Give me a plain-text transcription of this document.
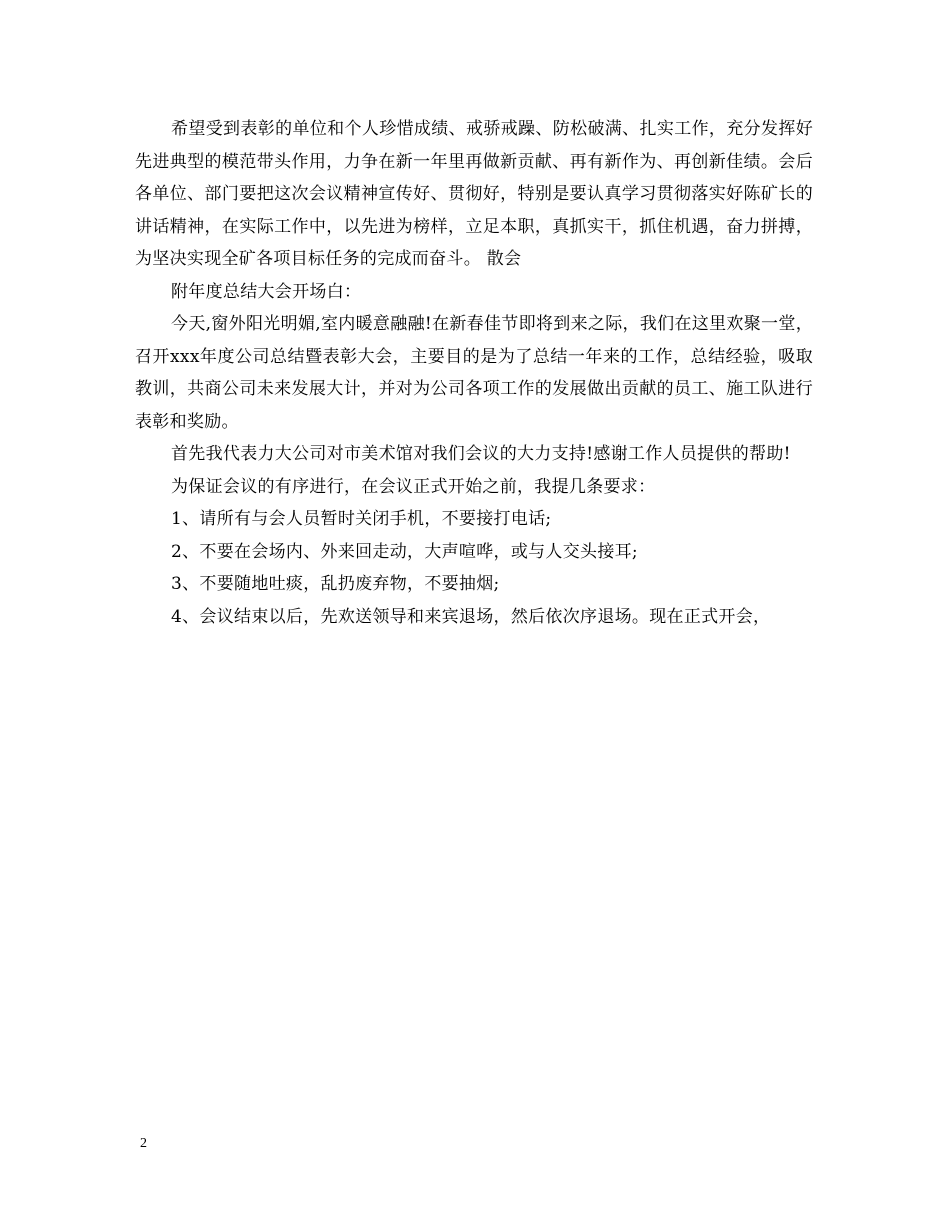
希望受到表彰的单位和个人珍惜成绩、戒骄戒躁、防松破满、扎实工作，充分发挥好先进典型的模范带头作用，力争在新一年里再做新贡献、再有新作为、再创新佳绩。会后各单位、部门要把这次会议精神宣传好、贯彻好，特别是要认真学习贯彻落实好陈矿长的讲话精神，在实际工作中，以先进为榜样，立足本职，真抓实干，抓住机遇，奋力拼搏，为坚决实现全矿各项目标任务的完成而奋斗。 散会

附年度总结大会开场白：

今天,窗外阳光明媚,室内暖意融融!在新春佳节即将到来之际，我们在这里欢聚一堂，召开xxx年度公司总结暨表彰大会，主要目的是为了总结一年来的工作，总结经验，吸取教训，共商公司未来发展大计，并对为公司各项工作的发展做出贡献的员工、施工队进行表彰和奖励。

首先我代表力大公司对市美术馆对我们会议的大力支持!感谢工作人员提供的帮助!

为保证会议的有序进行，在会议正式开始之前，我提几条要求：

1、请所有与会人员暂时关闭手机，不要接打电话;

2、不要在会场内、外来回走动，大声喧哗，或与人交头接耳;

3、不要随地吐痰，乱扔废弃物，不要抽烟;

4、会议结束以后，先欢送领导和来宾退场，然后依次序退场。现在正式开会，

2
